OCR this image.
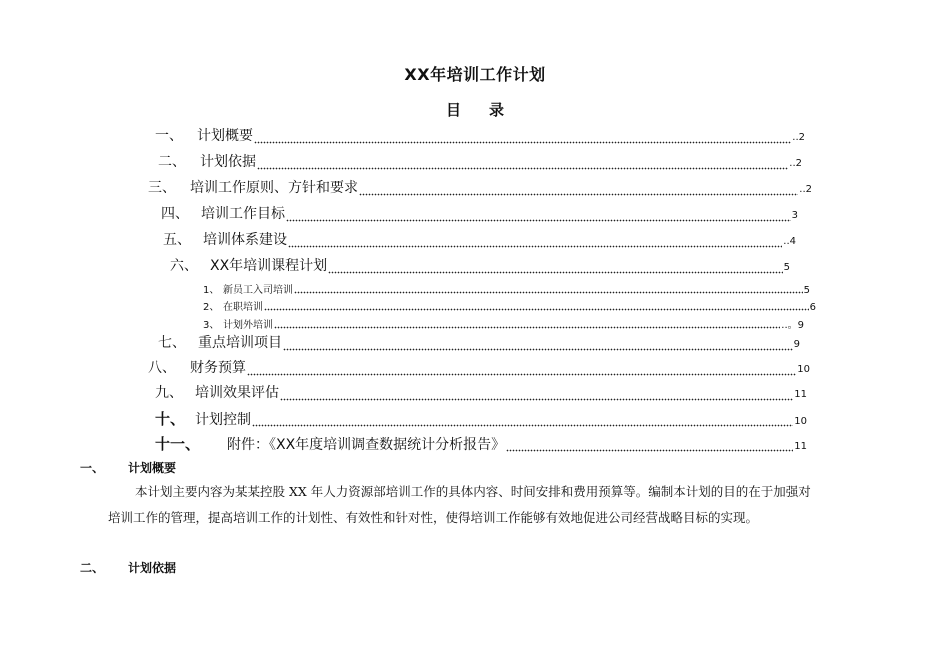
XX年培训工作计划
目 录
一、	计划概要	..2
二、	计划依据	..2
三、	培训工作原则、方针和要求	..2
四、 培训工作目标	3
五、 培训体系建设	..4
六、 XX年培训课程计划	5
1、 新员工入司培训	5
2、 在职培训	6
3、 计划外培训	..。9
七、 重点培训项目	9
八、	财务预算	10
九、 培训效果评估	11
十、 计划控制	10
十一、	附件：《XX年度培训调查数据统计分析报告》	11
一、	计划概要
本计划主要内容为某某控股 XX 年人力资源部培训工作的具体内容、时间安排和费用预算等。编制本计划的目的在于加强对
培训工作的管理，提高培训工作的计划性、有效性和针对性，使得培训工作能够有效地促进公司经营战略目标的实现。
二、	计划依据
